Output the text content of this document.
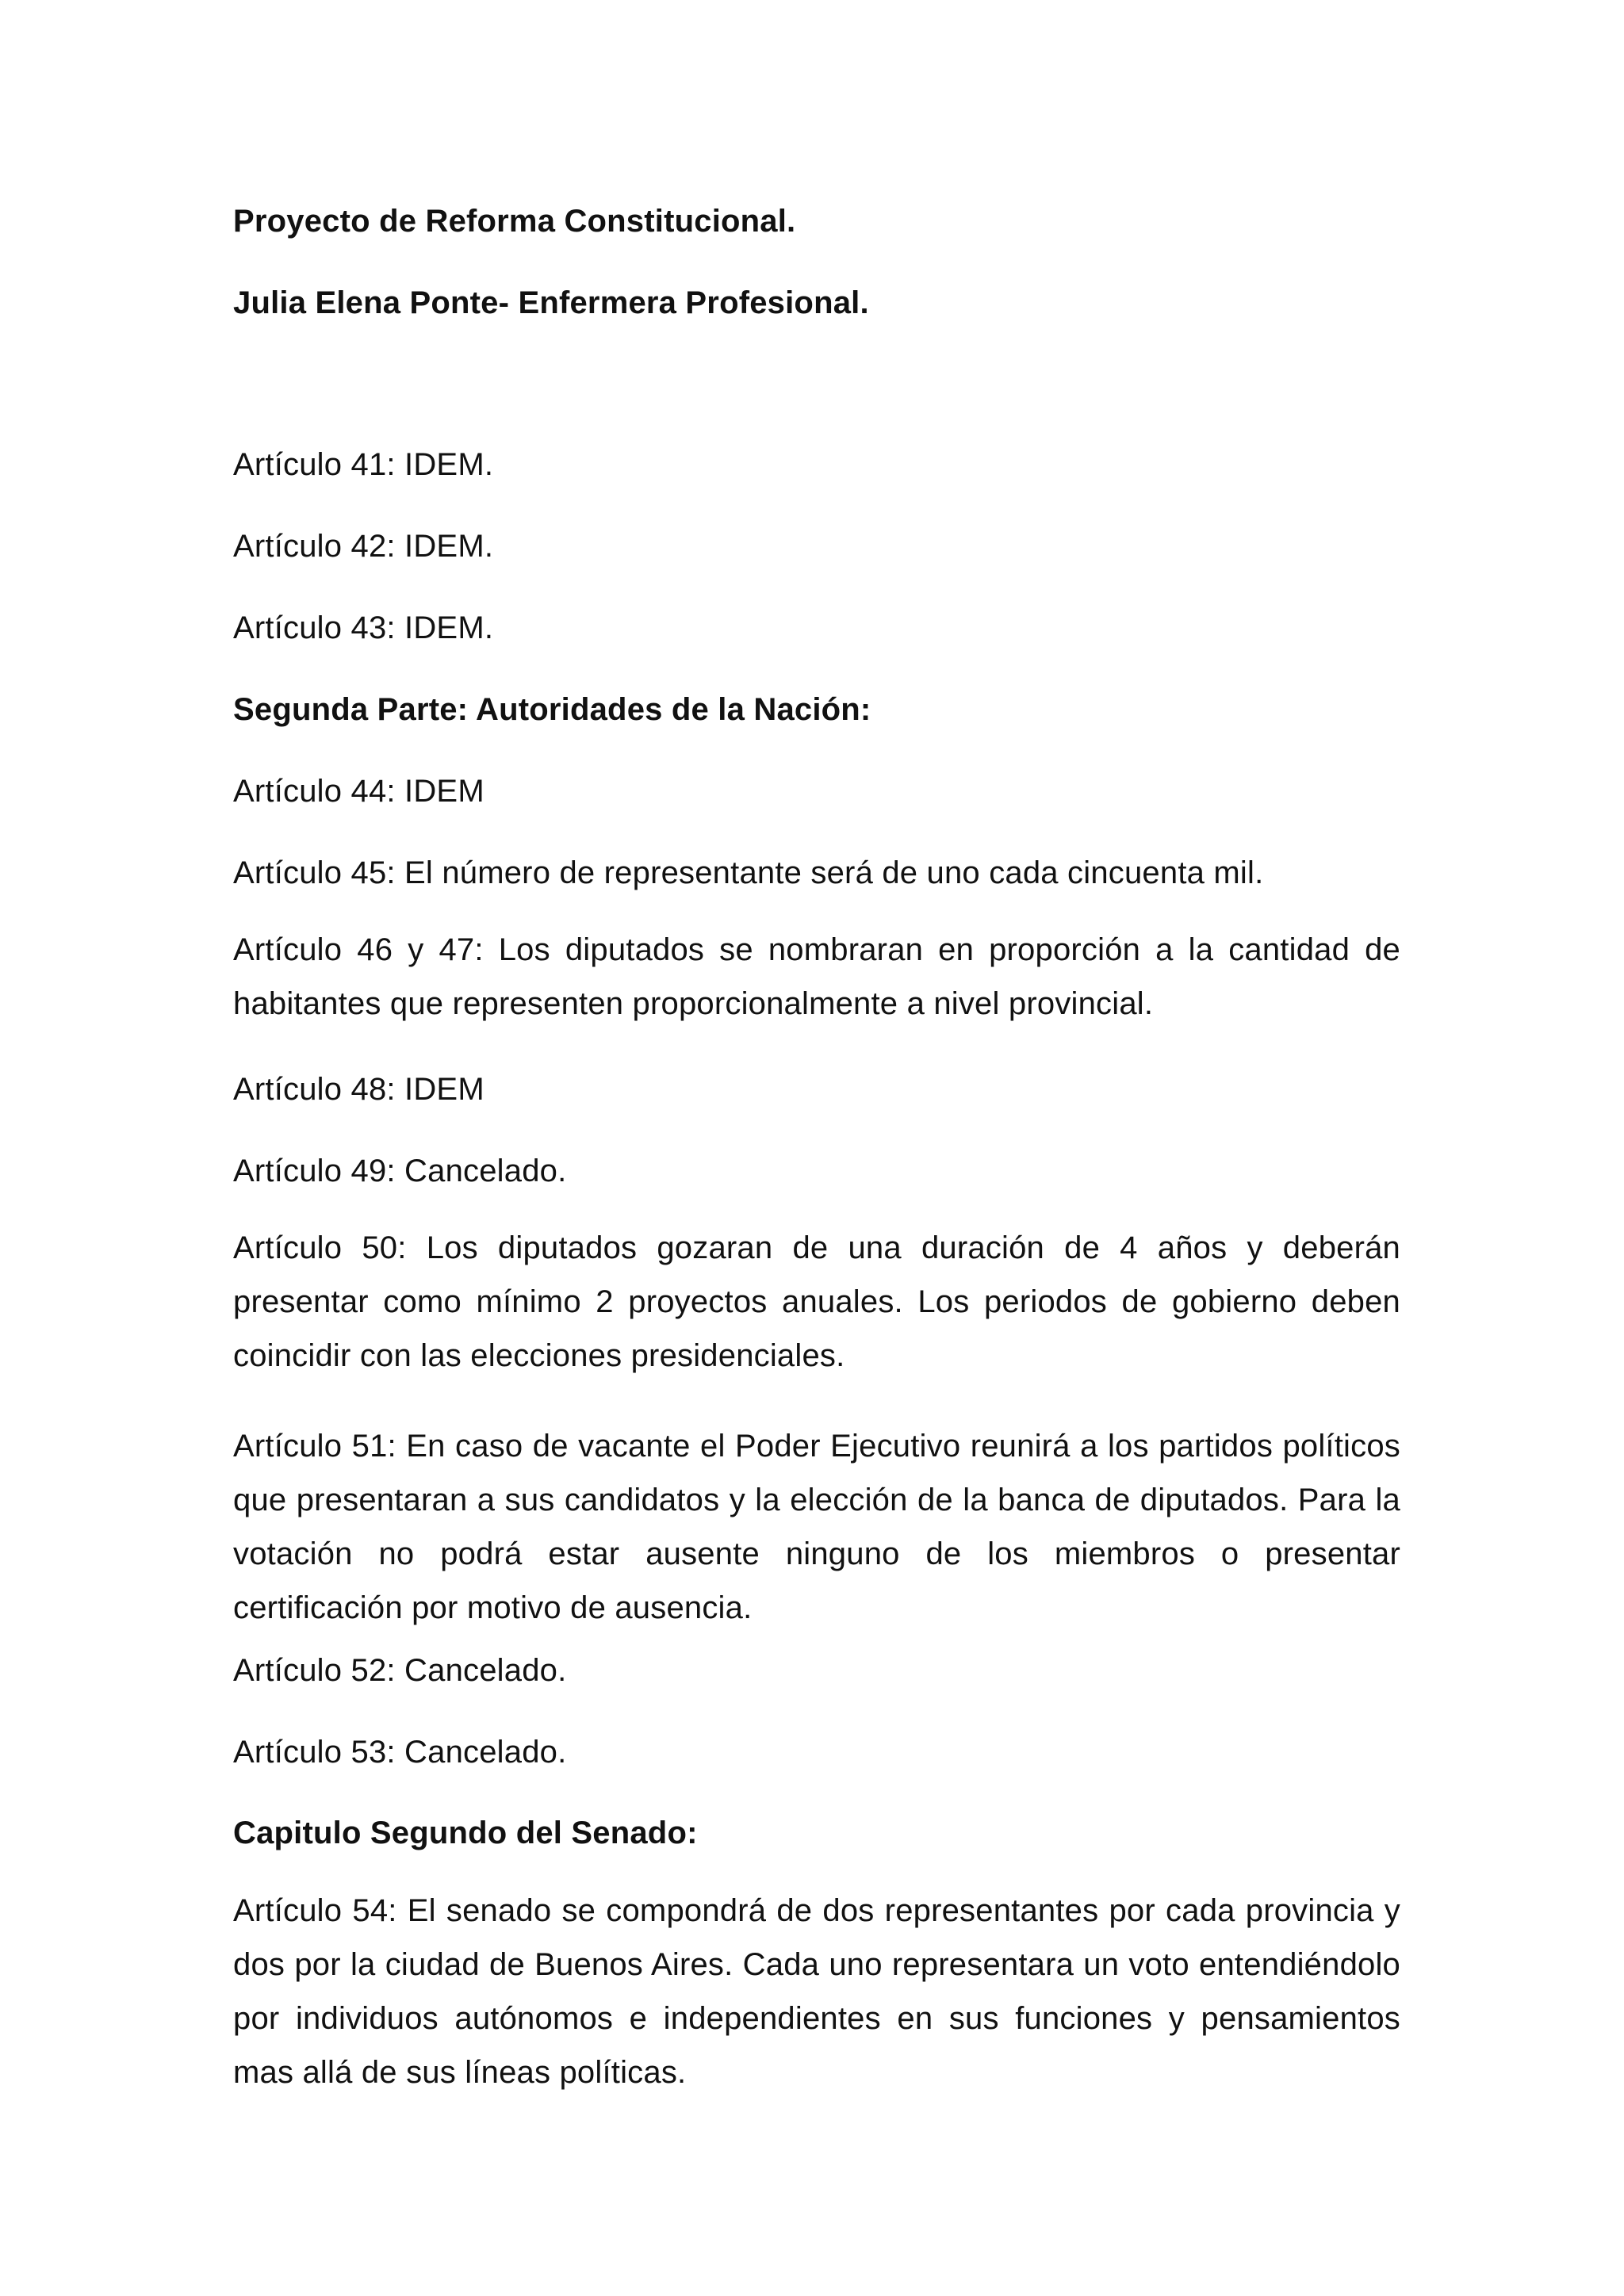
Proyecto de Reforma Constitucional.
Julia Elena Ponte- Enfermera Profesional.
Artículo 41: IDEM.
Artículo 42: IDEM.
Artículo 43: IDEM.
Segunda Parte: Autoridades de la Nación:
Artículo 44: IDEM
Artículo 45: El número de representante será de uno cada cincuenta mil.
Artículo 46 y 47: Los diputados se nombraran en proporción a la cantidad de habitantes que representen proporcionalmente a nivel provincial.
Artículo 48: IDEM
Artículo 49: Cancelado.
Artículo 50: Los diputados gozaran de una duración de 4 años y deberán presentar como mínimo 2 proyectos anuales. Los periodos de gobierno deben coincidir con las elecciones presidenciales.
Artículo 51: En caso de vacante el Poder Ejecutivo reunirá a los partidos políticos que presentaran a sus candidatos y la elección de la banca de diputados. Para la votación no podrá estar ausente ninguno de los miembros o presentar certificación por motivo de ausencia.
Artículo 52: Cancelado.
Artículo 53: Cancelado.
Capitulo Segundo del Senado:
Artículo 54: El senado se compondrá de dos representantes por cada provincia y dos por la ciudad de Buenos Aires. Cada uno representara un voto entendiéndolo por individuos autónomos e independientes en sus funciones y pensamientos mas allá de sus líneas políticas.
